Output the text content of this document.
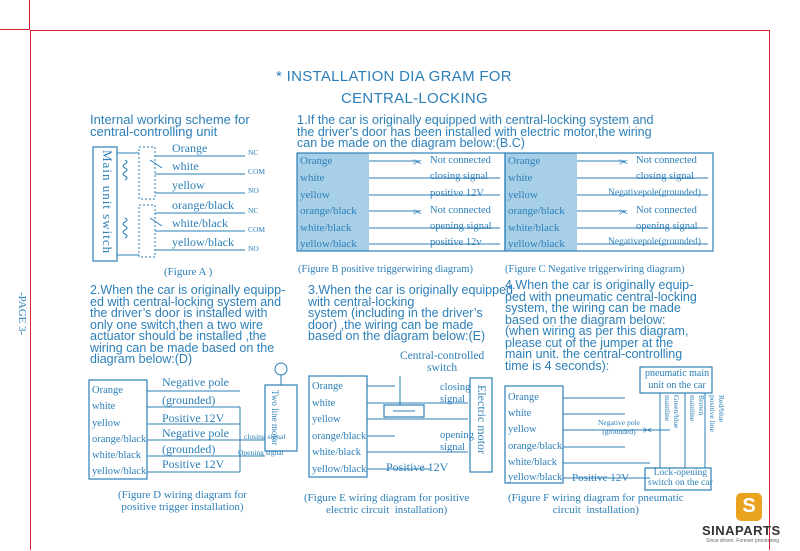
-PAGE 3-
* INSTALLATION DIA GRAM FOR
CENTRAL-LOCKING
✂
✂
✂
✂
✂
Internal working scheme for
central-controlling unit
Main unit switch
Orange
white
yellow
orange/black
white/black
yellow/black
NC
COM
NO
NC
COM
NO
(Figure A )
1.If the car is originally equipped with central-locking system and
the driver’s door has been installed with electric motor,the wiring
can be made on the diagram below:(B.C)
Orange
white
yellow
orange/black
white/black
yellow/black
Not connected
closing signal
positive 12V
Not connected
opening signal
positive 12v
(Figure B positive triggerwiring diagram)
Orange
white
yellow
orange/black
white/black
yellow/black
Not connected
closing signal
Negativepole(grounded)
Not connected
opening signal
Negativepole(grounded)
(Figure C Negative triggerwiring diagram)
2.When the car is originally equipp-
ed with central-locking system and
the driver’s door is installed with
only one switch,then a two wire
actuator should be installed ,the
wiring can be made based on the
diagram below:(D)
Orange
white
yellow
orange/black
white/black
yellow/black
Negative pole
(grounded)
Positive 12V
Negative pole
(grounded)
Positive 12V
Two line motor
closing signal
Opening signal
(Figure D wiring diagram for
positive trigger installation)
3.When the car is originally equipped
with central-locking
system (including in the driver’s
door) ,the wiring can be made
based on the diagram below:(E)
Orange
white
yellow
orange/black
white/black
yellow/black
Central-controlled
switch
closing
signal
opening
signal Electric motor
Positive 12V
(Figure E wiring diagram for positive
electric circuit  installation)
4.When the car is originally equip-
ped with pneumatic central-locking
system, the wiring can be made
based on the diagram below:
(when wiring as per this diagram,
please cut of the jumper at the
main unit. the central-controlling
time is 4 seconds):
Orange
white
yellow
orange/black
white/black
yellow/black
pneumatic main
unit on the car
Negative pole
(grounded)
Green/blue
mainline	Brown
mainline	Red/blue
positive line
Lock-opening
switch on the car
Positive 12V
(Figure F wiring diagram for pneumatic
circuit  installation)	S
SINAPARTS
Since driven. Forever processing
